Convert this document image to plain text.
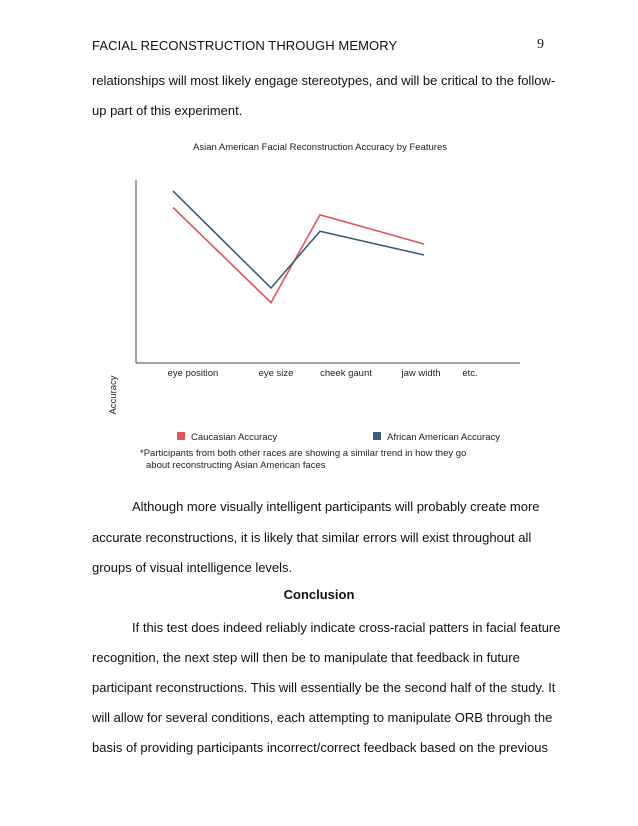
FACIAL RECONSTRUCTION THROUGH MEMORY	9
relationships will most likely engage stereotypes, and will be critical to the follow-
up part of this experiment.
Asian American Facial Reconstruction Accuracy by Features
Accuracy
eye position	eye size	cheek gaunt	jaw width etc.
Caucasian Accuracy	African American Accuracy
*Participants from both other races are showing a similar trend in how they go
about reconstructing Asian American faces
Although more visually intelligent participants will probably create more
accurate reconstructions, it is likely that similar errors will exist throughout all
groups of visual intelligence levels.
Conclusion
If this test does indeed reliably indicate cross-racial patters in facial feature
recognition, the next step will then be to manipulate that feedback in future
participant reconstructions. This will essentially be the second half of the study. It
will allow for several conditions, each attempting to manipulate ORB through the
basis of providing participants incorrect/correct feedback based on the previous
